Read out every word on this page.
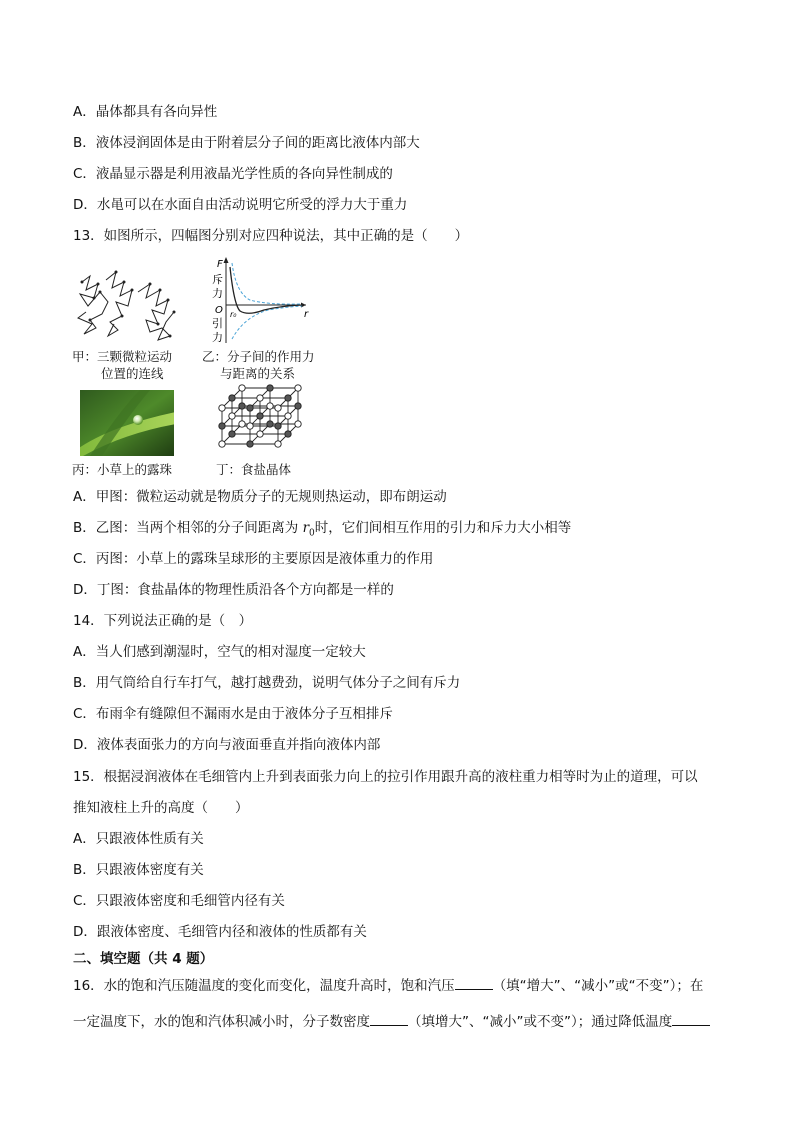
A．晶体都具有各向异性
B．液体浸润固体是由于附着层分子间的距离比液体内部大
C．液晶显示器是利用液晶光学性质的各向异性制成的
D．水黾可以在水面自由活动说明它所受的浮力大于重力
13．如图所示，四幅图分别对应四种说法，其中正确的是（　　）
甲：三颗微粒运动
位置的连线
F
r
O r₀
斥
力
引
力
乙：分子间的作用力
与距离的关系
丙：小草上的露珠	丁：食盐晶体
A．甲图：微粒运动就是物质分子的无规则热运动，即布朗运动
B．乙图：当两个相邻的分子间距离为 $r_0$时，它们间相互作用的引力和斥力大小相等
C．丙图：小草上的露珠呈球形的主要原因是液体重力的作用
D．丁图：食盐晶体的物理性质沿各个方向都是一样的
14．下列说法正确的是（　）
A．当人们感到潮湿时，空气的相对湿度一定较大
B．用气筒给自行车打气，越打越费劲，说明气体分子之间有斥力
C．布雨伞有缝隙但不漏雨水是由于液体分子互相排斥
D．液体表面张力的方向与液面垂直并指向液体内部
15．根据浸润液体在毛细管内上升到表面张力向上的拉引作用跟升高的液柱重力相等时为止的道理，可以
推知液柱上升的高度（　　）
A．只跟液体性质有关
B．只跟液体密度有关
C．只跟液体密度和毛细管内径有关
D．跟液体密度、毛细管内径和液体的性质都有关
二、填空题（共 4 题）
16．水的饱和汽压随温度的变化而变化，温度升高时，饱和汽压	（填“增大”、“减小”或“不变”）；在
一定温度下，水的饱和汽体积减小时，分子数密度	（填增大”、“减小”或不变”）；通过降低温度
